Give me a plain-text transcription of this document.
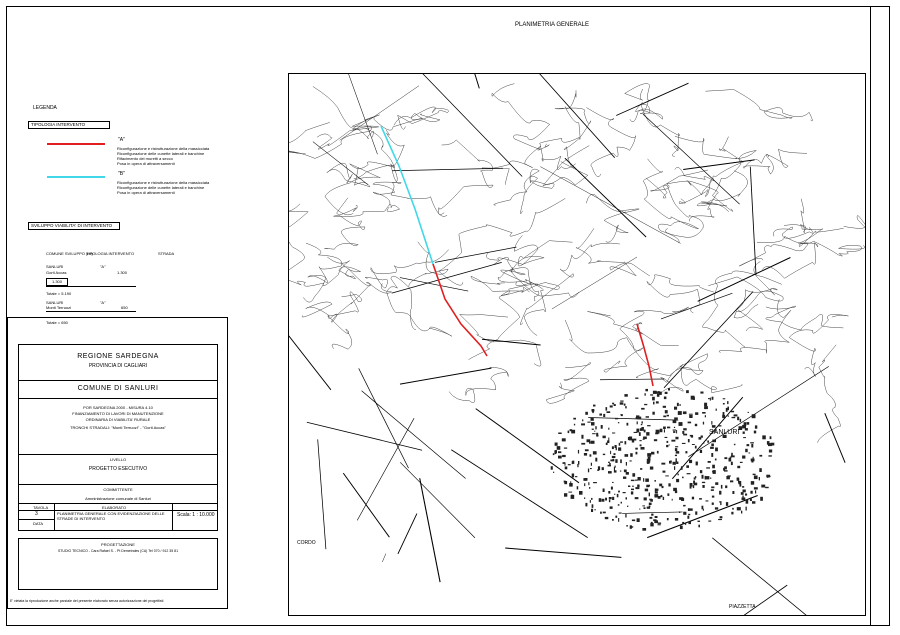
PLANIMETRIA GENERALE
LEGENDA
TIPOLOGIA INTERVENTO
"A"
Riconfigurazione e ristrutturazione della massicciata
Riconfigurazione delle cunette laterali e banchine
Rifacimento dei muretti a secco
Posa in opera di attraversamenti
"B"
Riconfigurazione e ristrutturazione della massicciata
Riconfigurazione delle cunette laterali e banchine
Posa in opera di attraversamenti
SVILUPPO VIABILITA' DI INTERVENTO
COMUNE SVILUPPO (ml)
TIPOLOGIA INTERVENTO	STRADA
SANLURI	"A"
Gorti Accas	1.300
1.300
Totale = 5.190
SANLURI	"A"
Monti Terruozi	650
Totale = 650
REGIONE SARDEGNA
PROVINCIA DI CAGLIARI
COMUNE DI SANLURI
POR SARDEGNA 2000 - MISURA 4.10
FINANZIAMENTO DI LAVORI DI MANUTENZIONE
ORDINARIA DI VIABILITA' RURALE
TRONCHI STRADALI: "Monti Terruozi" - "Gorti Accas"
LIVELLO
PROGETTO ESECUTIVO
COMMITTENTE
Amministrazione comunale di Sanluri
TAVOLA
3
DATA
ELABORATO
PLANIMETRIA GENERALE CON EVIDENZIAZIONE DELLE STRADE DI INTERVENTO
Scala: 1 : 10.000
PROGETTAZIONE
STUDIO TECNICO - Cara Rafael S. - Pt Demetrales (CA) Tel 070 / 912 35 81
E' vietata la riproduzione anche parziale del presente elaborato senza autorizzazione dei progettisti
SANLURI
CORDO
PIAZZETTA
